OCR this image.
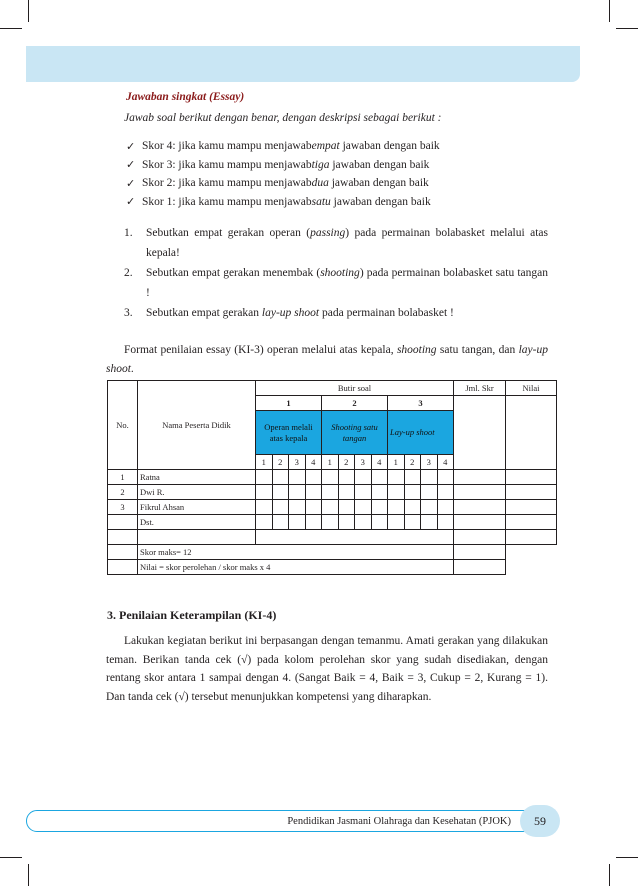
Jawaban singkat (Essay)
Jawab soal berikut dengan benar, dengan deskripsi sebagai berikut :
✓ Skor 4: jika kamu mampu menjawab empat jawaban dengan baik
✓ Skor 3: jika kamu mampu menjawab tiga jawaban dengan baik
✓ Skor 2: jika kamu mampu menjawab dua jawaban dengan baik
✓ Skor 1: jika kamu mampu menjawab satu jawaban dengan baik
1.	Sebutkan empat gerakan operan (passing) pada permainan bolabasket melalui atas kepala!
2.	Sebutkan empat gerakan menembak (shooting) pada permainan bolabasket satu tangan !
3.	Sebutkan empat gerakan lay-up shoot pada permainan bolabasket !

Format penilaian essay (KI-3) operan melalui atas kepala, shooting satu tangan, dan lay-up shoot.

No.	Nama Peserta Didik	Butir soal												Jml. Skr	Nilai
		1				2				3					
		Operan melali atas kepala				Shooting satu tangan				Lay-up shoot					
		1	2	3	4	1	2	3	4	1	2	3	4		
1	Ratna														
2	Dwi R.														
3	Fikrul Ahsan														
	Dst.														

	Skor maks= 12														
	Nilai = skor perolehan / skor maks x 4														
3. Penilaian Keterampilan (KI-4)

Lakukan kegiatan berikut ini berpasangan dengan temanmu. Amati gerakan yang dilakukan teman. Berikan tanda cek (√) pada kolom perolehan skor yang sudah disediakan, dengan rentang skor antara 1 sampai dengan 4. (Sangat Baik = 4, Baik = 3, Cukup = 2, Kurang = 1). Dan tanda cek (√) tersebut menunjukkan kompetensi yang diharapkan.

Pendidikan Jasmani Olahraga dan Kesehatan (PJOK)	59
